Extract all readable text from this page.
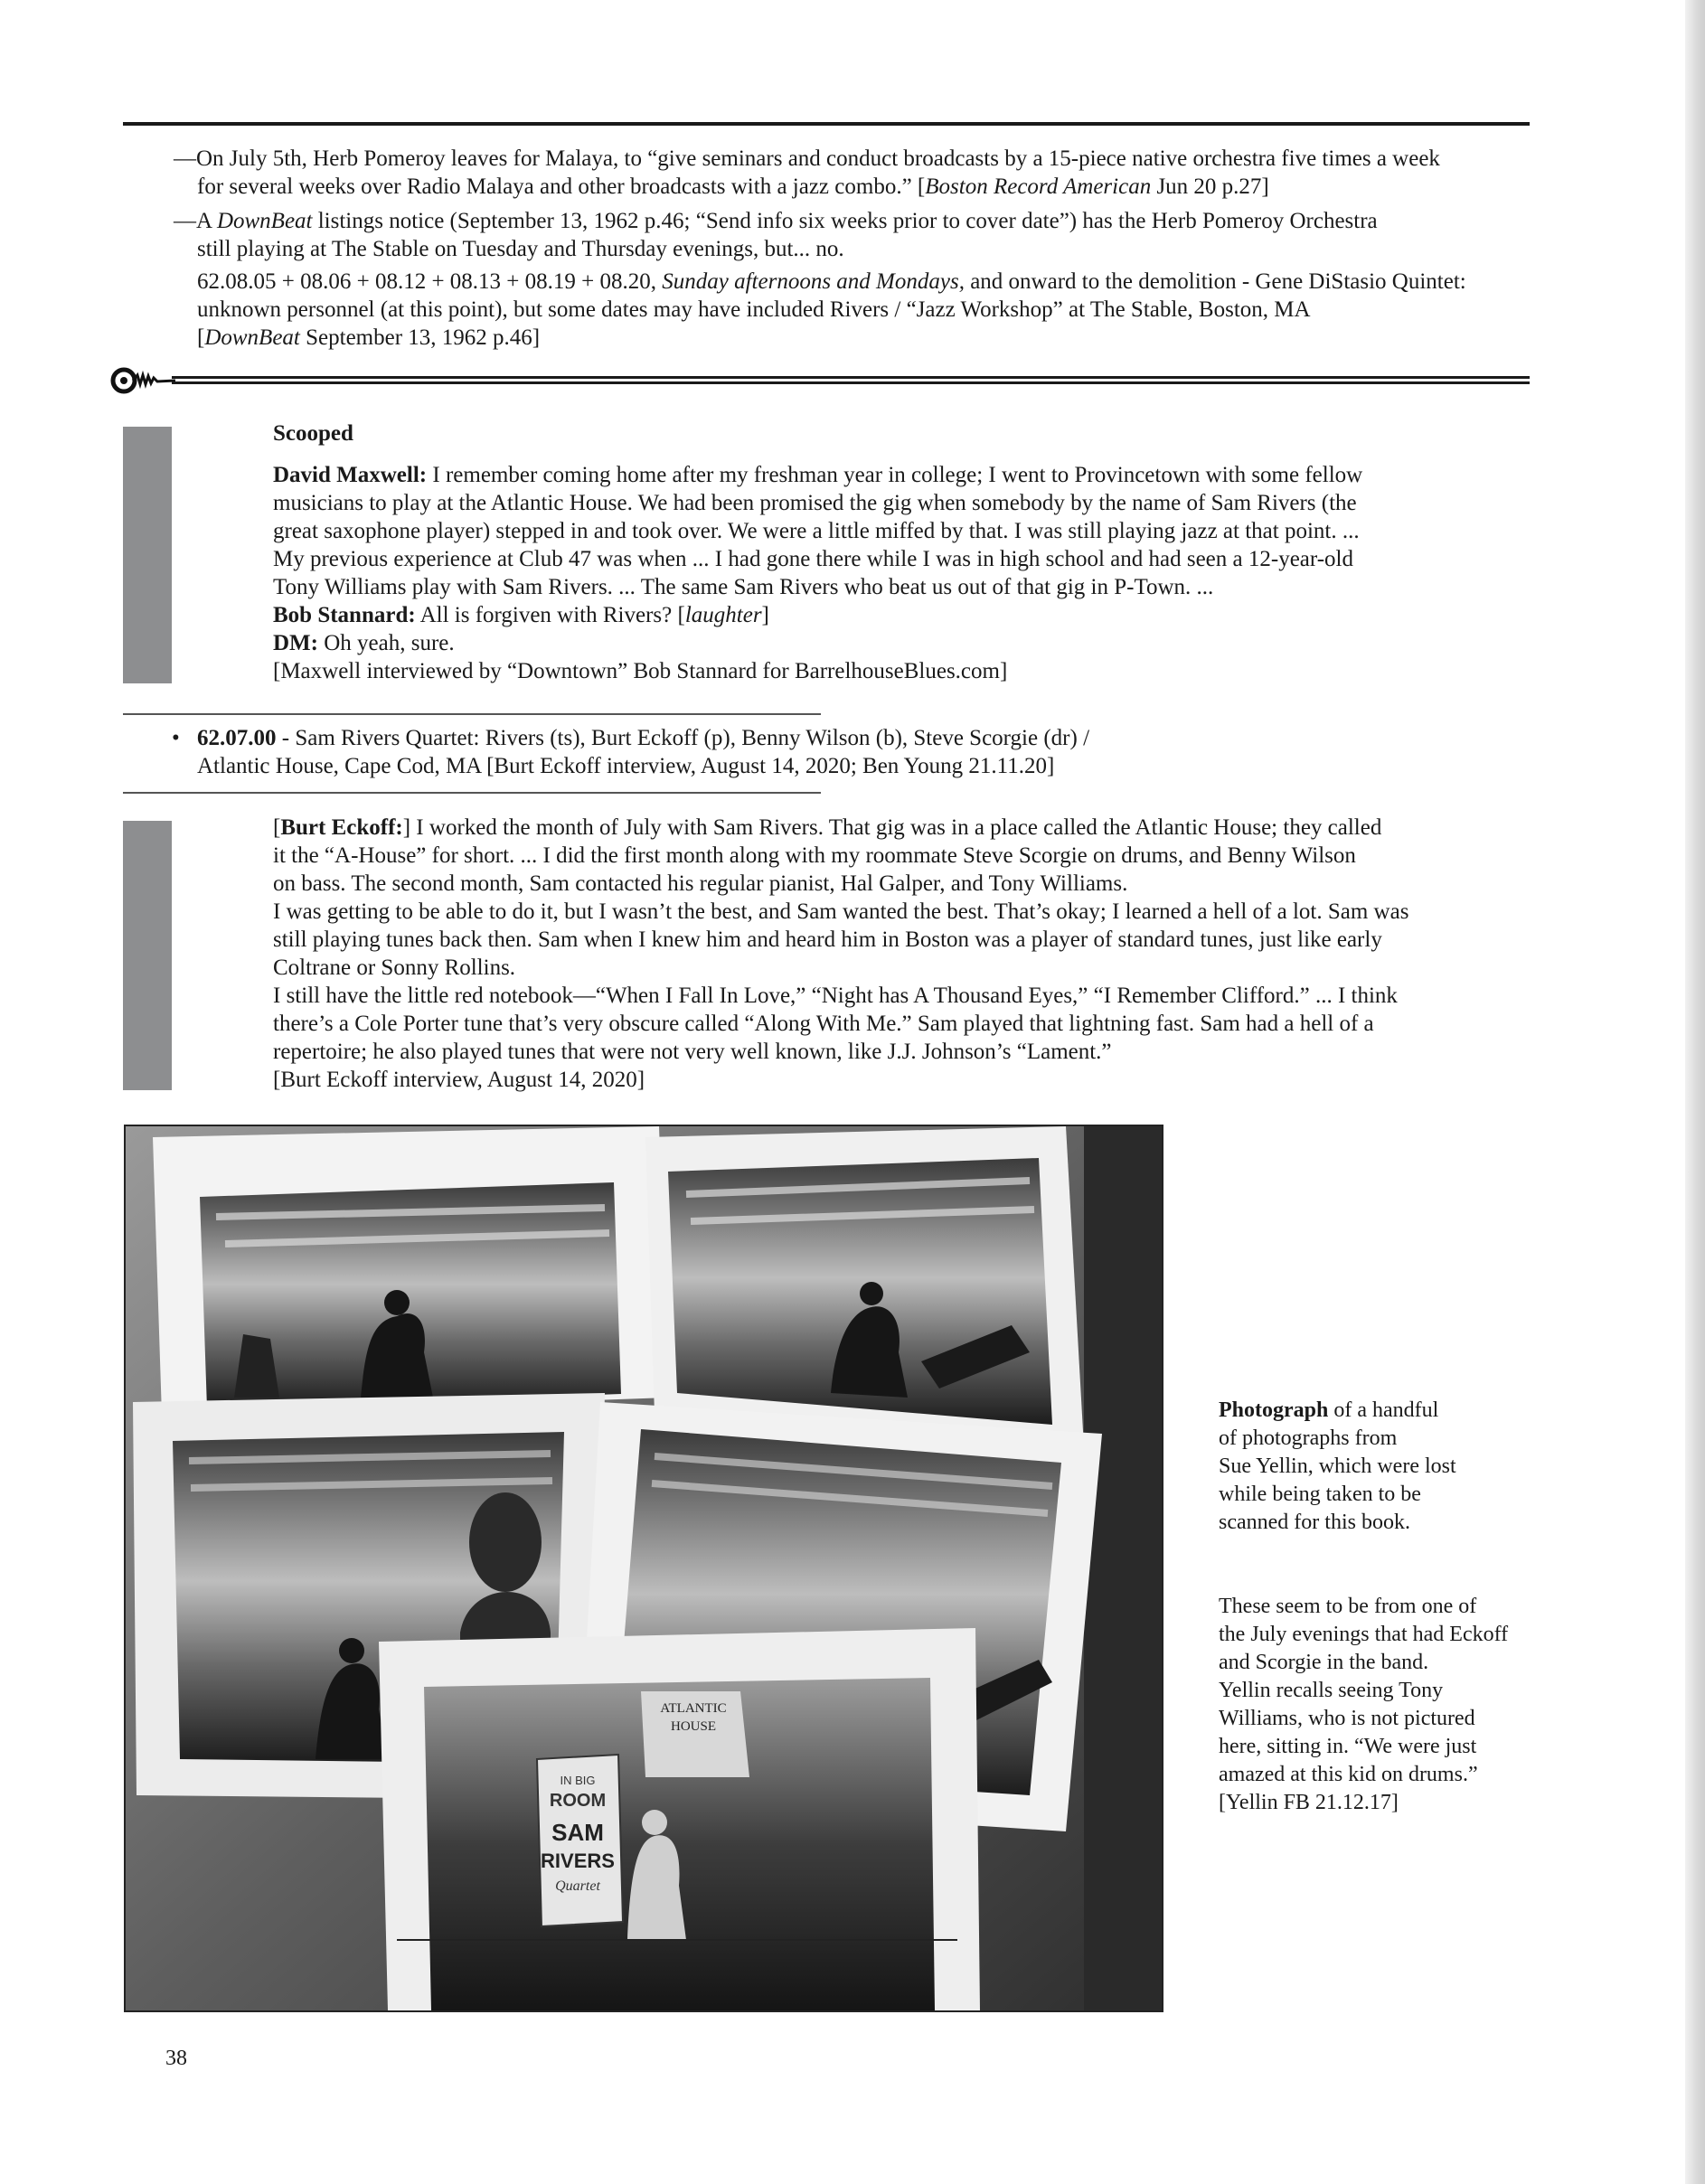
—On July 5th, Herb Pomeroy leaves for Malaya, to “give seminars and conduct broadcasts by a 15-piece native orchestra five times a week
for several weeks over Radio Malaya and other broadcasts with a jazz combo.” [Boston Record American Jun 20 p.27]
—A DownBeat listings notice (September 13, 1962 p.46; “Send info six weeks prior to cover date”) has the Herb Pomeroy Orchestra
still playing at The Stable on Tuesday and Thursday evenings, but... no.
62.08.05 + 08.06 + 08.12 + 08.13 + 08.19 + 08.20, Sunday afternoons and Mondays, and onward to the demolition - Gene DiStasio Quintet:
unknown personnel (at this point), but some dates may have included Rivers / “Jazz Workshop” at The Stable, Boston, MA
[DownBeat September 13, 1962 p.46]
Scooped
David Maxwell: I remember coming home after my freshman year in college; I went to Provincetown with some fellow
musicians to play at the Atlantic House. We had been promised the gig when somebody by the name of Sam Rivers (the
great saxophone player) stepped in and took over. We were a little miffed by that. I was still playing jazz at that point. ...
My previous experience at Club 47 was when ... I had gone there while I was in high school and had seen a 12-year-old
Tony Williams play with Sam Rivers. ... The same Sam Rivers who beat us out of that gig in P-Town. ...
Bob Stannard: All is forgiven with Rivers? [laughter]
DM: Oh yeah, sure.
[Maxwell interviewed by “Downtown” Bob Stannard for BarrelhouseBlues.com]
• 62.07.00 - Sam Rivers Quartet: Rivers (ts), Burt Eckoff (p), Benny Wilson (b), Steve Scorgie (dr) /
Atlantic House, Cape Cod, MA [Burt Eckoff interview, August 14, 2020; Ben Young 21.11.20]
[Burt Eckoff:] I worked the month of July with Sam Rivers. That gig was in a place called the Atlantic House; they called
it the “A-House” for short. ... I did the first month along with my roommate Steve Scorgie on drums, and Benny Wilson
on bass. The second month, Sam contacted his regular pianist, Hal Galper, and Tony Williams.
I was getting to be able to do it, but I wasn’t the best, and Sam wanted the best. That’s okay; I learned a hell of a lot. Sam was
still playing tunes back then. Sam when I knew him and heard him in Boston was a player of standard tunes, just like early
Coltrane or Sonny Rollins.
I still have the little red notebook—“When I Fall In Love,” “Night has A Thousand Eyes,” “I Remember Clifford.” ... I think
there’s a Cole Porter tune that’s very obscure called “Along With Me.” Sam played that lightning fast. Sam had a hell of a
repertoire; he also played tunes that were not very well known, like J.J. Johnson’s “Lament.”
[Burt Eckoff interview, August 14, 2020]
ATLANTIC
HOUSE
IN BIG
ROOM
SAM
RIVERS
Quartet
Photograph of a handful
of photographs from
Sue Yellin, which were lost
while being taken to be
scanned for this book.
These seem to be from one of
the July evenings that had Eckoff
and Scorgie in the band.
Yellin recalls seeing Tony
Williams, who is not pictured
here, sitting in. “We were just
amazed at this kid on drums.”
[Yellin FB 21.12.17]
38
